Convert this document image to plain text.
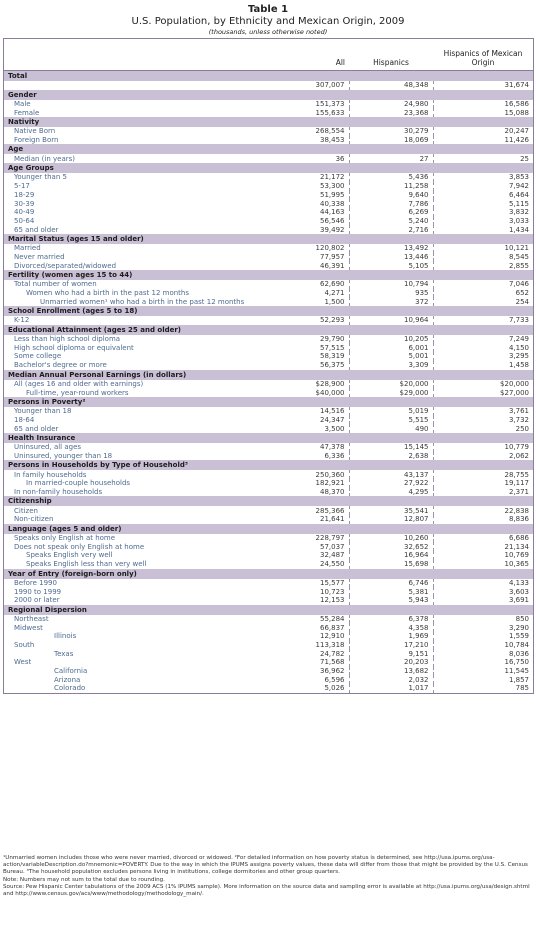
Table 1
U.S. Population, by Ethnicity and Mexican Origin, 2009
(thousands, unless otherwise noted)
	All	Hispanics	Hispanics of Mexican Origin
Total			
	307,007	48,348	31,674
Gender			
Male	151,373	24,980	16,586
Female	155,633	23,368	15,088
Nativity			
Native Born	268,554	30,279	20,247
Foreign Born	38,453	18,069	11,426
Age			
Median (in years)	36	27	25
Age Groups			
Younger than 5	21,172	5,436	3,853
5-17	53,300	11,258	7,942
18-29	51,995	9,640	6,464
30-39	40,338	7,786	5,115
40-49	44,163	6,269	3,832
50-64	56,546	5,240	3,033
65 and older	39,492	2,716	1,434
Marital Status (ages 15 and older)			
Married	120,802	13,492	10,121
Never married	77,957	13,446	8,545
Divorced/separated/widowed	46,391	5,105	2,855
Fertility (women ages 15 to 44)			
Total number of women	62,690	10,794	7,046
Women who had a birth in the past 12 months	4,271	935	652
Unmarried women¹ who had a birth in the past 12 months	1,500	372	254
School Enrollment (ages 5 to 18)			
K-12	52,293	10,964	7,733
Educational Attainment (ages 25 and older)			
Less than high school diploma	29,790	10,205	7,249
High school diploma or equivalent	57,515	6,001	4,150
Some college	58,319	5,001	3,295
Bachelor's degree or more	56,375	3,309	1,458
Median Annual Personal Earnings (in dollars)			
All (ages 16 and older with earnings)	$28,900	$20,000	$20,000
Full-time, year-round workers	$40,000	$29,000	$27,000
Persons in Poverty²			
Younger than 18	14,516	5,019	3,761
18-64	24,347	5,515	3,732
65 and older	3,500	490	250
Health Insurance			
Uninsured, all ages	47,378	15,145	10,779
Uninsured, younger than 18	6,336	2,638	2,062
Persons in Households by Type of Household³			
In family households	250,360	43,137	28,755
In married-couple households	182,921	27,922	19,117
In non-family households	48,370	4,295	2,371
Citizenship			
Citizen	285,366	35,541	22,838
Non-citizen	21,641	12,807	8,836
Language (ages 5 and older)			
Speaks only English at home	228,797	10,260	6,686
Does not speak only English at home	57,037	32,652	21,134
Speaks English very well	32,487	16,964	10,769
Speaks English less than very well	24,550	15,698	10,365
Year of Entry (foreign-born only)			
Before 1990	15,577	6,746	4,133
1990 to 1999	10,723	5,381	3,603
2000 or later	12,153	5,943	3,691
Regional Dispersion			
Northeast	55,284	6,378	850
Midwest	66,837	4,358	3,290
Illinois	12,910	1,969	1,559
South	113,318	17,210	10,784
Texas	24,782	9,151	8,036
West	71,568	20,203	16,750
California	36,962	13,682	11,545
Arizona	6,596	2,032	1,857
Colorado	5,026	1,017	785

¹Unmarried women includes those who were never married, divorced or widowed. ²For detailed information on how poverty status is determined, see http://usa.ipums.org/usa-action/variableDescription.do?mnemonic=POVERTY. Due to the way in which the IPUMS assigns poverty values, these data will differ from those that might be provided by the U.S. Census Bureau. ³The household population excludes persons living in institutions, college dormitories and other group quarters.

Note: Numbers may not sum to the total due to rounding.

Source: Pew Hispanic Center tabulations of the 2009 ACS (1% IPUMS sample). More information on the source data and sampling error is available at http://usa.ipums.org/usa/design.shtml and http://www.census.gov/acs/www/methodology/methodology_main/.
